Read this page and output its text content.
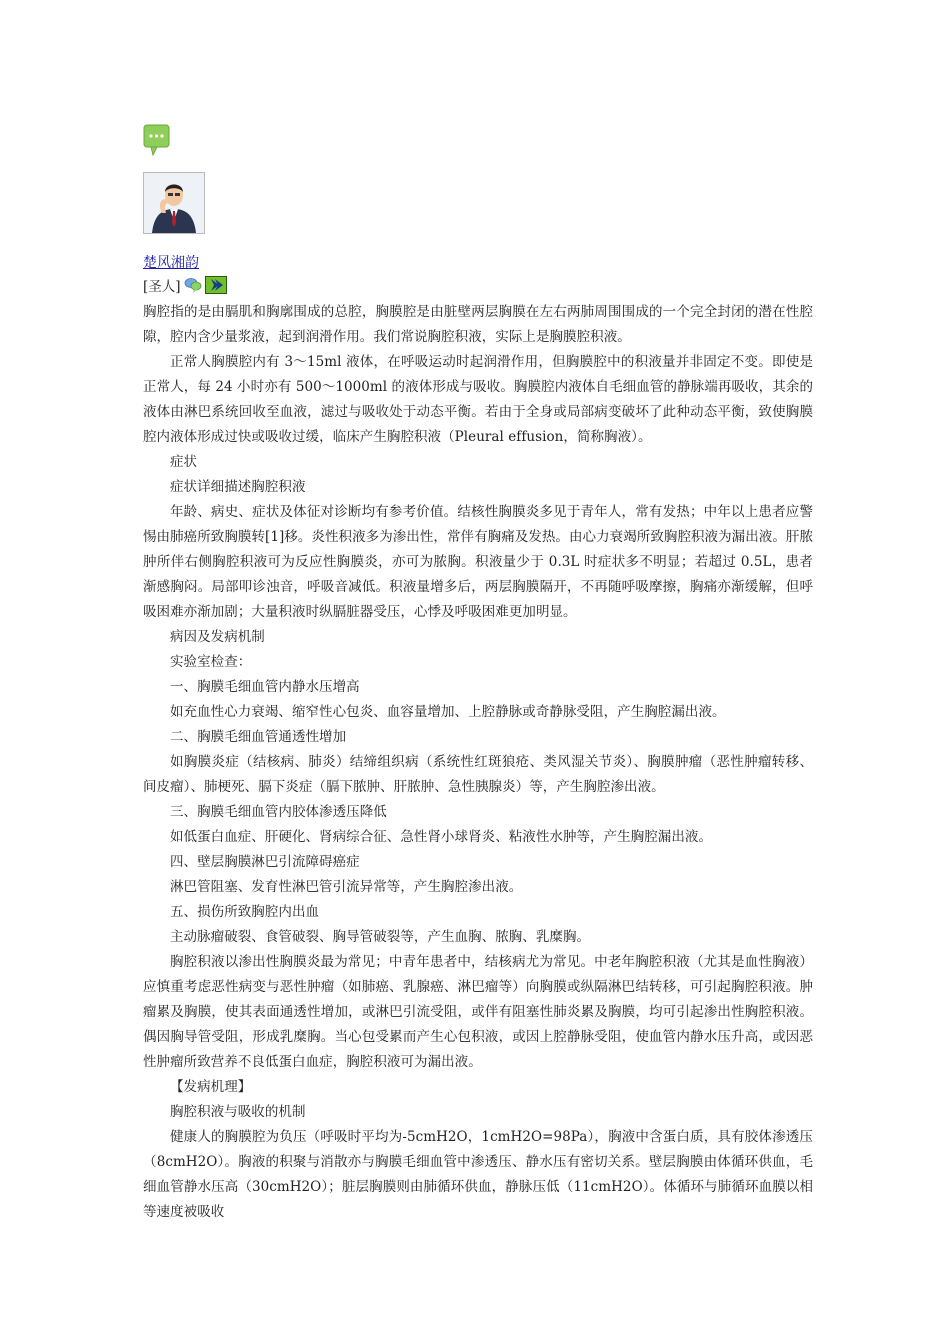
楚风湘韵
[圣人]

胸腔指的是由膈肌和胸廓围成的总腔，胸膜腔是由脏壁两层胸膜在左右两肺周围围成的一个完全封闭的潜在性腔隙，腔内含少量浆液，起到润滑作用。我们常说胸腔积液，实际上是胸膜腔积液。

正常人胸膜腔内有 3～15ml 液体，在呼吸运动时起润滑作用，但胸膜腔中的积液量并非固定不变。即使是正常人，每 24 小时亦有 500～1000ml 的液体形成与吸收。胸膜腔内液体自毛细血管的静脉端再吸收，其余的液体由淋巴系统回收至血液，滤过与吸收处于动态平衡。若由于全身或局部病变破坏了此种动态平衡，致使胸膜腔内液体形成过快或吸收过缓，临床产生胸腔积液（Pleural effusion，简称胸液）。

症状

症状详细描述胸腔积液

年龄、病史、症状及体征对诊断均有参考价值。结核性胸膜炎多见于青年人，常有发热；中年以上患者应警惕由肺癌所致胸膜转[1]移。炎性积液多为渗出性，常伴有胸痛及发热。由心力衰竭所致胸腔积液为漏出液。肝脓肿所伴右侧胸腔积液可为反应性胸膜炎，亦可为脓胸。积液量少于 0.3L 时症状多不明显；若超过 0.5L，患者渐感胸闷。局部叩诊浊音，呼吸音减低。积液量增多后，两层胸膜隔开，不再随呼吸摩擦，胸痛亦渐缓解，但呼吸困难亦渐加剧；大量积液时纵膈脏器受压，心悸及呼吸困难更加明显。

病因及发病机制

实验室检查：

一、胸膜毛细血管内静水压增高

如充血性心力衰竭、缩窄性心包炎、血容量增加、上腔静脉或奇静脉受阻，产生胸腔漏出液。

二、胸膜毛细血管通透性增加

如胸膜炎症（结核病、肺炎）结缔组织病（系统性红斑狼疮、类风湿关节炎）、胸膜肿瘤（恶性肿瘤转移、间皮瘤）、肺梗死、膈下炎症（膈下脓肿、肝脓肿、急性胰腺炎）等，产生胸腔渗出液。

三、胸膜毛细血管内胶体渗透压降低

如低蛋白血症、肝硬化、肾病综合征、急性肾小球肾炎、粘液性水肿等，产生胸腔漏出液。

四、壁层胸膜淋巴引流障碍癌症

淋巴管阻塞、发育性淋巴管引流异常等，产生胸腔渗出液。

五、损伤所致胸腔内出血

主动脉瘤破裂、食管破裂、胸导管破裂等，产生血胸、脓胸、乳糜胸。

胸腔积液以渗出性胸膜炎最为常见；中青年患者中，结核病尤为常见。中老年胸腔积液（尤其是血性胸液）应慎重考虑恶性病变与恶性肿瘤（如肺癌、乳腺癌、淋巴瘤等）向胸膜或纵隔淋巴结转移，可引起胸腔积液。肿瘤累及胸膜，使其表面通透性增加，或淋巴引流受阻，或伴有阻塞性肺炎累及胸膜，均可引起渗出性胸腔积液。偶因胸导管受阻，形成乳糜胸。当心包受累而产生心包积液，或因上腔静脉受阻，使血管内静水压升高，或因恶性肿瘤所致营养不良低蛋白血症，胸腔积液可为漏出液。

【发病机理】

胸腔积液与吸收的机制

健康人的胸膜腔为负压（呼吸时平均为-5cmH2O，1cmH2O=98Pa），胸液中含蛋白质，具有胶体渗透压（8cmH2O）。胸液的积聚与消散亦与胸膜毛细血管中渗透压、静水压有密切关系。壁层胸膜由体循环供血，毛细血管静水压高（30cmH2O）；脏层胸膜则由肺循环供血，静脉压低（11cmH2O）。体循环与肺循环血膜以相等速度被吸收
